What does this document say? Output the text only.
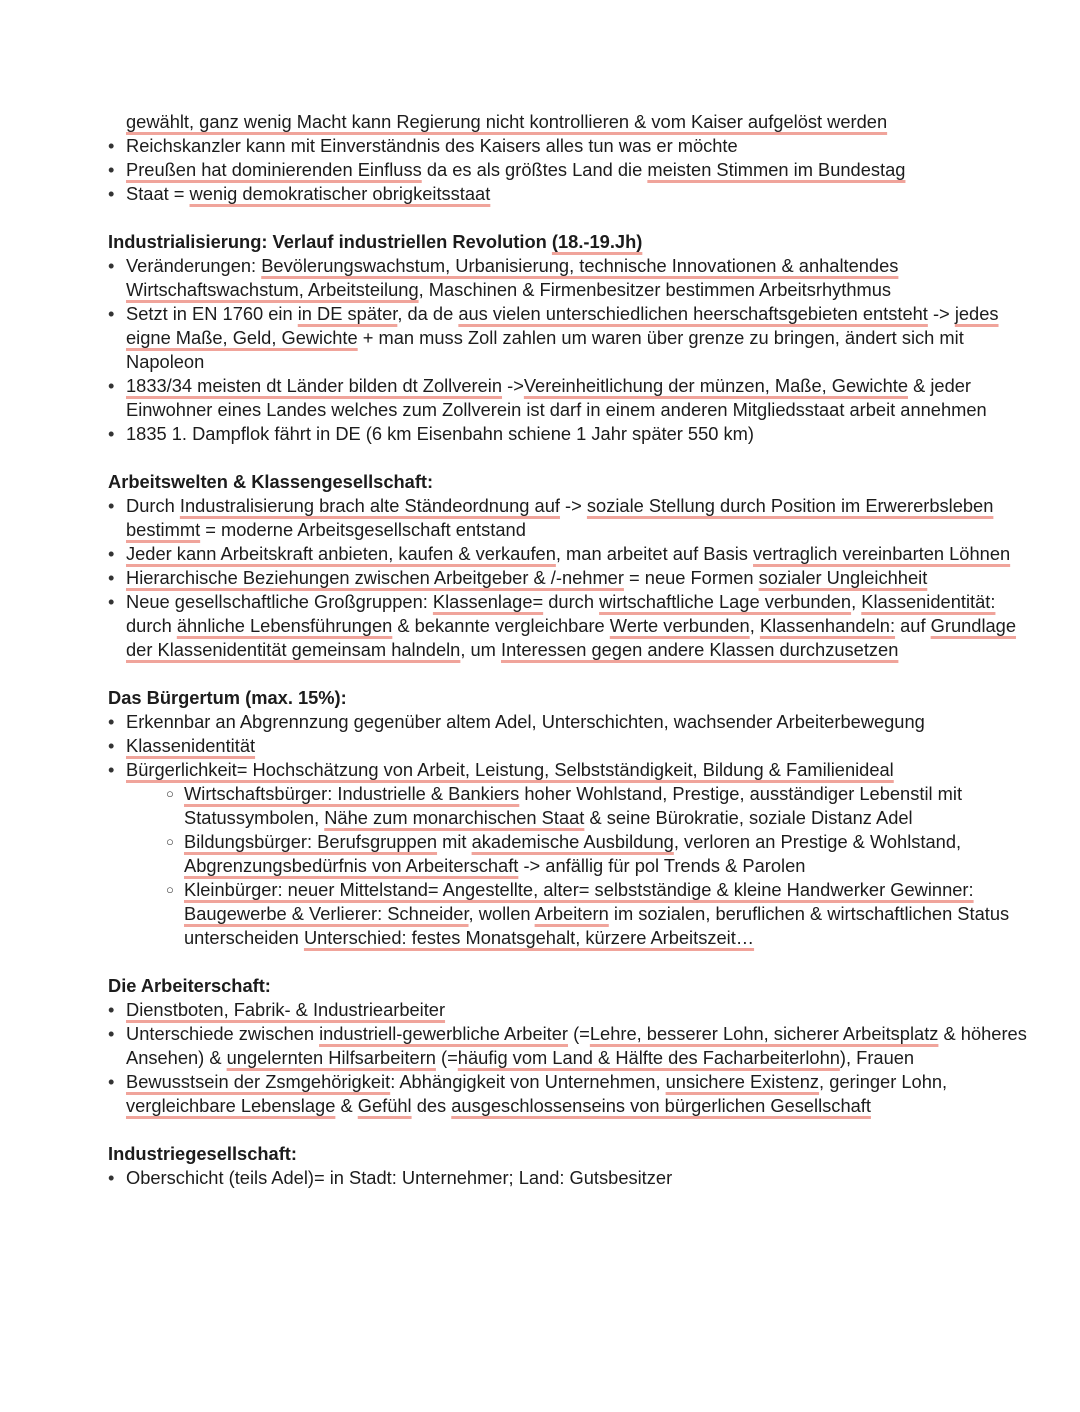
gewählt, ganz wenig Macht kann Regierung nicht kontrollieren & vom Kaiser aufgelöst werden
• Reichskanzler kann mit Einverständnis des Kaisers alles tun was er möchte
• Preußen hat dominierenden Einfluss da es als größtes Land die meisten Stimmen im Bundestag
• Staat = wenig demokratischer obrigkeitsstaat
Industrialisierung: Verlauf industriellen Revolution (18.-19.Jh)
• Veränderungen: Bevölerungswachstum, Urbanisierung, technische Innovationen & anhaltendes Wirtschaftswachstum, Arbeitsteilung, Maschinen & Firmenbesitzer bestimmen Arbeitsrhythmus
• Setzt in EN 1760 ein in DE später, da de aus vielen unterschiedlichen heerschaftsgebieten entsteht -> jedes eigne Maße, Geld, Gewichte + man muss Zoll zahlen um waren über grenze zu bringen, ändert sich mit Napoleon
• 1833/34 meisten dt Länder bilden dt Zollverein ->Vereinheitlichung der münzen, Maße, Gewichte & jeder Einwohner eines Landes welches zum Zollverein ist darf in einem anderen Mitgliedsstaat arbeit annehmen
• 1835 1. Dampflok fährt in DE (6 km Eisenbahn schiene 1 Jahr später 550 km)
Arbeitswelten & Klassengesellschaft:
• Durch Industralisierung brach alte Ständeordnung auf -> soziale Stellung durch Position im Erwererbsleben bestimmt = moderne Arbeitsgesellschaft entstand
• Jeder kann Arbeitskraft anbieten, kaufen & verkaufen, man arbeitet auf Basis vertraglich vereinbarten Löhnen
• Hierarchische Beziehungen zwischen Arbeitgeber & /-nehmer = neue Formen sozialer Ungleichheit
• Neue gesellschaftliche Großgruppen: Klassenlage= durch wirtschaftliche Lage verbunden, Klassenidentität: durch ähnliche Lebensführungen & bekannte vergleichbare Werte verbunden, Klassenhandeln: auf Grundlage der Klassenidentität gemeinsam halndeln, um Interessen gegen andere Klassen durchzusetzen
Das Bürgertum (max. 15%):
• Erkennbar an Abgrennzung gegenüber altem Adel, Unterschichten, wachsender Arbeiterbewegung
• Klassenidentität
• Bürgerlichkeit= Hochschätzung von Arbeit, Leistung, Selbstständigkeit, Bildung & Familienideal
○ Wirtschaftsbürger: Industrielle & Bankiers hoher Wohlstand, Prestige, ausständiger Lebenstil mit Statussymbolen, Nähe zum monarchischen Staat & seine Bürokratie, soziale Distanz Adel
○ Bildungsbürger: Berufsgruppen mit akademische Ausbildung, verloren an Prestige & Wohlstand, Abgrenzungsbedürfnis von Arbeiterschaft -> anfällig für pol Trends & Parolen
○ Kleinbürger: neuer Mittelstand= Angestellte, alter= selbstständige & kleine Handwerker Gewinner: Baugewerbe & Verlierer: Schneider, wollen Arbeitern im sozialen, beruflichen & wirtschaftlichen Status unterscheiden Unterschied: festes Monatsgehalt, kürzere Arbeitszeit…
Die Arbeiterschaft:
• Dienstboten, Fabrik- & Industriearbeiter
• Unterschiede zwischen industriell-gewerbliche Arbeiter (=Lehre, besserer Lohn, sicherer Arbeitsplatz & höheres Ansehen) & ungelernten Hilfsarbeitern (=häufig vom Land & Hälfte des Facharbeiterlohn), Frauen
• Bewusstsein der Zsmgehörigkeit: Abhängigkeit von Unternehmen, unsichere Existenz, geringer Lohn, vergleichbare Lebenslage & Gefühl des ausgeschlossenseins von bürgerlichen Gesellschaft
Industriegesellschaft:
• Oberschicht (teils Adel)= in Stadt: Unternehmer; Land: Gutsbesitzer
